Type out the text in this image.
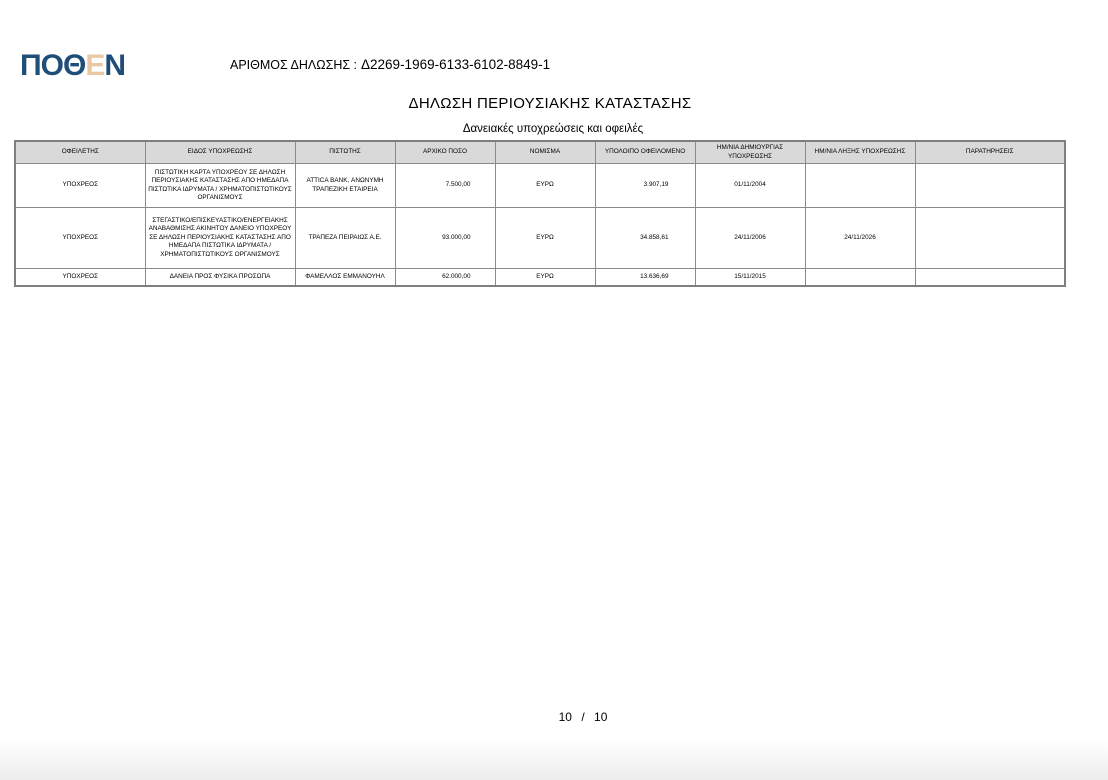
ΠΟΘΕΝ	ΑΡΙΘΜΟΣ ΔΗΛΩΣΗΣ : Δ2269-1969-6133-6102-8849-1
ΔΗΛΩΣΗ ΠΕΡΙΟΥΣΙΑΚΗΣ ΚΑΤΑΣΤΑΣΗΣ
Δανειακές υποχρεώσεις και οφειλές
ΟΦΕΙΛΕΤΗΣ	ΕΙΔΟΣ ΥΠΟΧΡΕΩΣΗΣ	ΠΙΣΤΩΤΗΣ	ΑΡΧΙΚΟ ΠΟΣΟ	ΝΟΜΙΣΜΑ	ΥΠΟΛΟΙΠΟ ΟΦΕΙΛΟΜΕΝΟ	ΗΜ/ΝΙΑ ΔΗΜΙΟΥΡΓΙΑΣ ΥΠΟΧΡΕΩΣΗΣ	ΗΜ/ΝΙΑ ΛΗΞΗΣ ΥΠΟΧΡΕΩΣΗΣ	ΠΑΡΑΤΗΡΗΣΕΙΣ
ΥΠΟΧΡΕΟΣ	ΠΙΣΤΩΤΙΚΗ ΚΑΡΤΑ ΥΠΟΧΡΕΟΥ ΣΕ ΔΗΛΩΣΗ ΠΕΡΙΟΥΣΙΑΚΗΣ ΚΑΤΑΣΤΑΣΗΣ ΑΠΟ ΗΜΕΔΑΠΑ ΠΙΣΤΩΤΙΚΑ ΙΔΡΥΜΑΤΑ / ΧΡΗΜΑΤΟΠΙΣΤΩΤΙΚΟΥΣ ΟΡΓΑΝΙΣΜΟΥΣ	ATTICA BANK, ΑΝΩΝΥΜΗ ΤΡΑΠΕΖΙΚΗ ΕΤΑΙΡΕΙΑ	7.500,00	ΕΥΡΩ	3.907,19	01/11/2004		
ΥΠΟΧΡΕΟΣ	ΣΤΕΓΑΣΤΙΚΟ/ΕΠΙΣΚΕΥΑΣΤΙΚΟ/ΕΝΕΡΓΕΙΑΚΗΣ ΑΝΑΒΑΘΜΙΣΗΣ ΑΚΙΝΗΤΟΥ ΔΑΝΕΙΟ ΥΠΟΧΡΕΟΥ ΣΕ ΔΗΛΩΣΗ ΠΕΡΙΟΥΣΙΑΚΗΣ ΚΑΤΑΣΤΑΣΗΣ ΑΠΟ ΗΜΕΔΑΠΑ ΠΙΣΤΩΤΙΚΑ ΙΔΡΥΜΑΤΑ / ΧΡΗΜΑΤΟΠΙΣΤΩΤΙΚΟΥΣ ΟΡΓΑΝΙΣΜΟΥΣ	ΤΡΑΠΕΖΑ ΠΕΙΡΑΙΩΣ Α.Ε.	93.000,00	ΕΥΡΩ	34.858,61	24/11/2006	24/11/2026	
ΥΠΟΧΡΕΟΣ	ΔΑΝΕΙΑ ΠΡΟΣ ΦΥΣΙΚΑ ΠΡΟΣΩΠΑ	ΦΑΜΕΛΛΟΣ ΕΜΜΑΝΟΥΗΛ	62.000,00	ΕΥΡΩ	13.636,69	15/11/2015		
10 / 10
